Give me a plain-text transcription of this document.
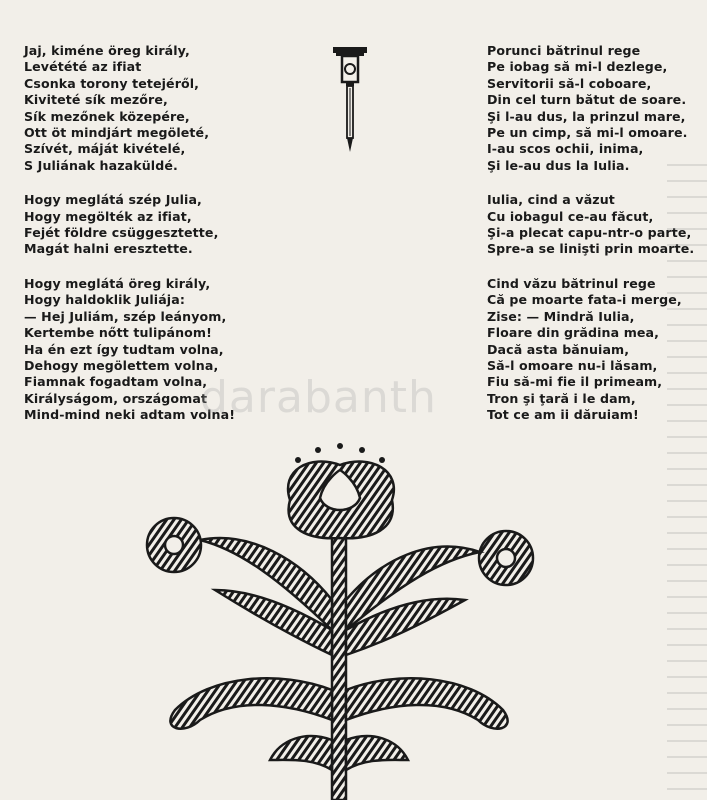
Jaj, kiméne öreg király,
Levétété az ifiat
Csonka torony tetejéről,
Kiviteté sík mezőre,
Sík mezőnek közepére,
Ott öt mindjárt megöleté,
Szívét, máját kivételé,
S Juliának hazaküldé.
Hogy meglátá szép Julia,
Hogy megölték az ifiat,
Fejét földre csüggesztette,
Magát halni eresztette.
Hogy meglátá öreg király,
Hogy haldoklik Juliája:
— Hej Juliám, szép leányom,
Kertembe nőtt tulipánom!
Ha én ezt így tudtam volna,
Dehogy megölettem volna,
Fiamnak fogadtam volna,
Királyságom, országomat
Mind-mind neki adtam volna!
Porunci bătrinul rege
Pe iobag să mi-l dezlege,
Servitorii să-l coboare,
Din cel turn bătut de soare.
Şi l-au dus, la prinzul mare,
Pe un cimp, să mi-l omoare.
I-au scos ochii, inima,
Şi le-au dus la Iulia.
Iulia, cind a văzut
Cu iobagul ce-au făcut,
Şi-a plecat capu-ntr-o parte,
Spre-a se linişti prin moarte.
Cind văzu bătrinul rege
Că pe moarte fata-i merge,
Zise: — Mindră Iulia,
Floare din grădina mea,
Dacă asta bănuiam,
Să-l omoare nu-i lăsam,
Fiu să-mi fie il primeam,
Tron şi ţară i le dam,
Tot ce am ii dăruiam!
darabanth
